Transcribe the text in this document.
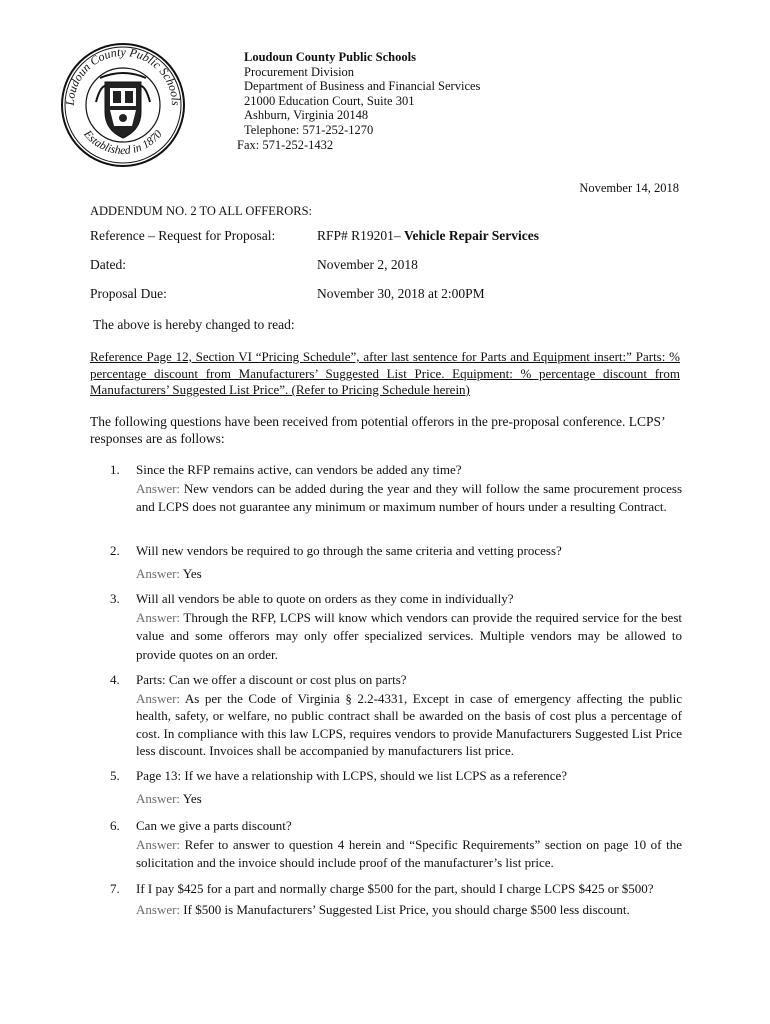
Loudoun County Public Schools
Established in 1870
Loudoun County Public Schools
Procurement Division
Department of Business and Financial Services
21000 Education Court, Suite 301
Ashburn, Virginia 20148
Telephone: 571-252-1270
Fax: 571-252-1432
November 14, 2018
ADDENDUM NO. 2 TO ALL OFFERORS:
Reference – Request for Proposal:	RFP# R19201– Vehicle Repair Services
Dated:	November 2, 2018
Proposal Due:	November 30, 2018 at 2:00PM
The above is hereby changed to read:
Reference Page 12, Section VI “Pricing Schedule”, after last sentence for Parts and Equipment insert:” Parts: % percentage discount from Manufacturers’ Suggested List Price. Equipment: % percentage discount from Manufacturers’ Suggested List Price”. (Refer to Pricing Schedule herein)
The following questions have been received from potential offerors in the pre-proposal conference. LCPS’ responses are as follows:
1. Since the RFP remains active, can vendors be added any time?
Answer: New vendors can be added during the year and they will follow the same procurement process and LCPS does not guarantee any minimum or maximum number of hours under a resulting Contract.
2. Will new vendors be required to go through the same criteria and vetting process?
Answer: Yes
3. Will all vendors be able to quote on orders as they come in individually?
Answer: Through the RFP, LCPS will know which vendors can provide the required service for the best value and some offerors may only offer specialized services. Multiple vendors may be allowed to provide quotes on an order.
4. Parts: Can we offer a discount or cost plus on parts?
Answer: As per the Code of Virginia § 2.2-4331, Except in case of emergency affecting the public health, safety, or welfare, no public contract shall be awarded on the basis of cost plus a percentage of cost. In compliance with this law LCPS, requires vendors to provide Manufacturers Suggested List Price less discount. Invoices shall be accompanied by manufacturers list price.
5. Page 13: If we have a relationship with LCPS, should we list LCPS as a reference?
Answer: Yes
6. Can we give a parts discount?
Answer: Refer to answer to question 4 herein and “Specific Requirements” section on page 10 of the solicitation and the invoice should include proof of the manufacturer’s list price.
7. If I pay $425 for a part and normally charge $500 for the part, should I charge LCPS $425 or $500?
Answer: If $500 is Manufacturers’ Suggested List Price, you should charge $500 less discount.
